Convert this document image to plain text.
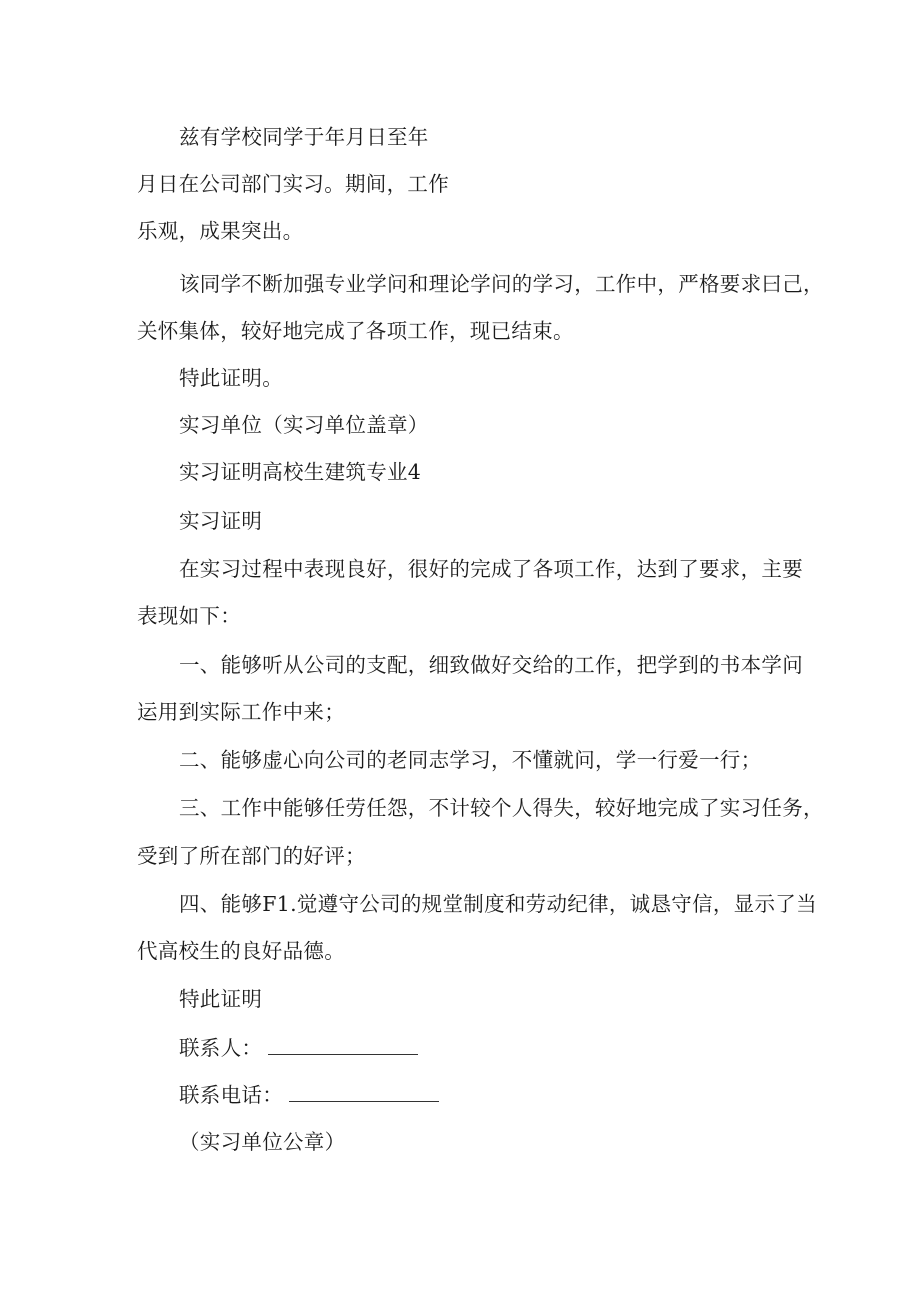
兹有学校同学于年月日至年
月日在公司部门实习。期间，工作
乐观，成果突出。
该同学不断加强专业学问和理论学问的学习，工作中，严格要求曰己，
关怀集体，较好地完成了各项工作，现已结束。
特此证明。
实习单位（实习单位盖章）
实习证明高校生建筑专业4
实习证明
在实习过程中表现良好，很好的完成了各项工作，达到了要求，主要
表现如下：
一、能够听从公司的支配，细致做好交给的工作，把学到的书本学问
运用到实际工作中来；
二、能够虚心向公司的老同志学习，不懂就问，学一行爱一行；
三、工作中能够任劳任怨，不计较个人得失，较好地完成了实习任务，
受到了所在部门的好评；
四、能够F1.觉遵守公司的规堂制度和劳动纪律，诚恳守信，显示了当
代高校生的良好品德。
特此证明
联系人：
联系电话：
（实习单位公章）
